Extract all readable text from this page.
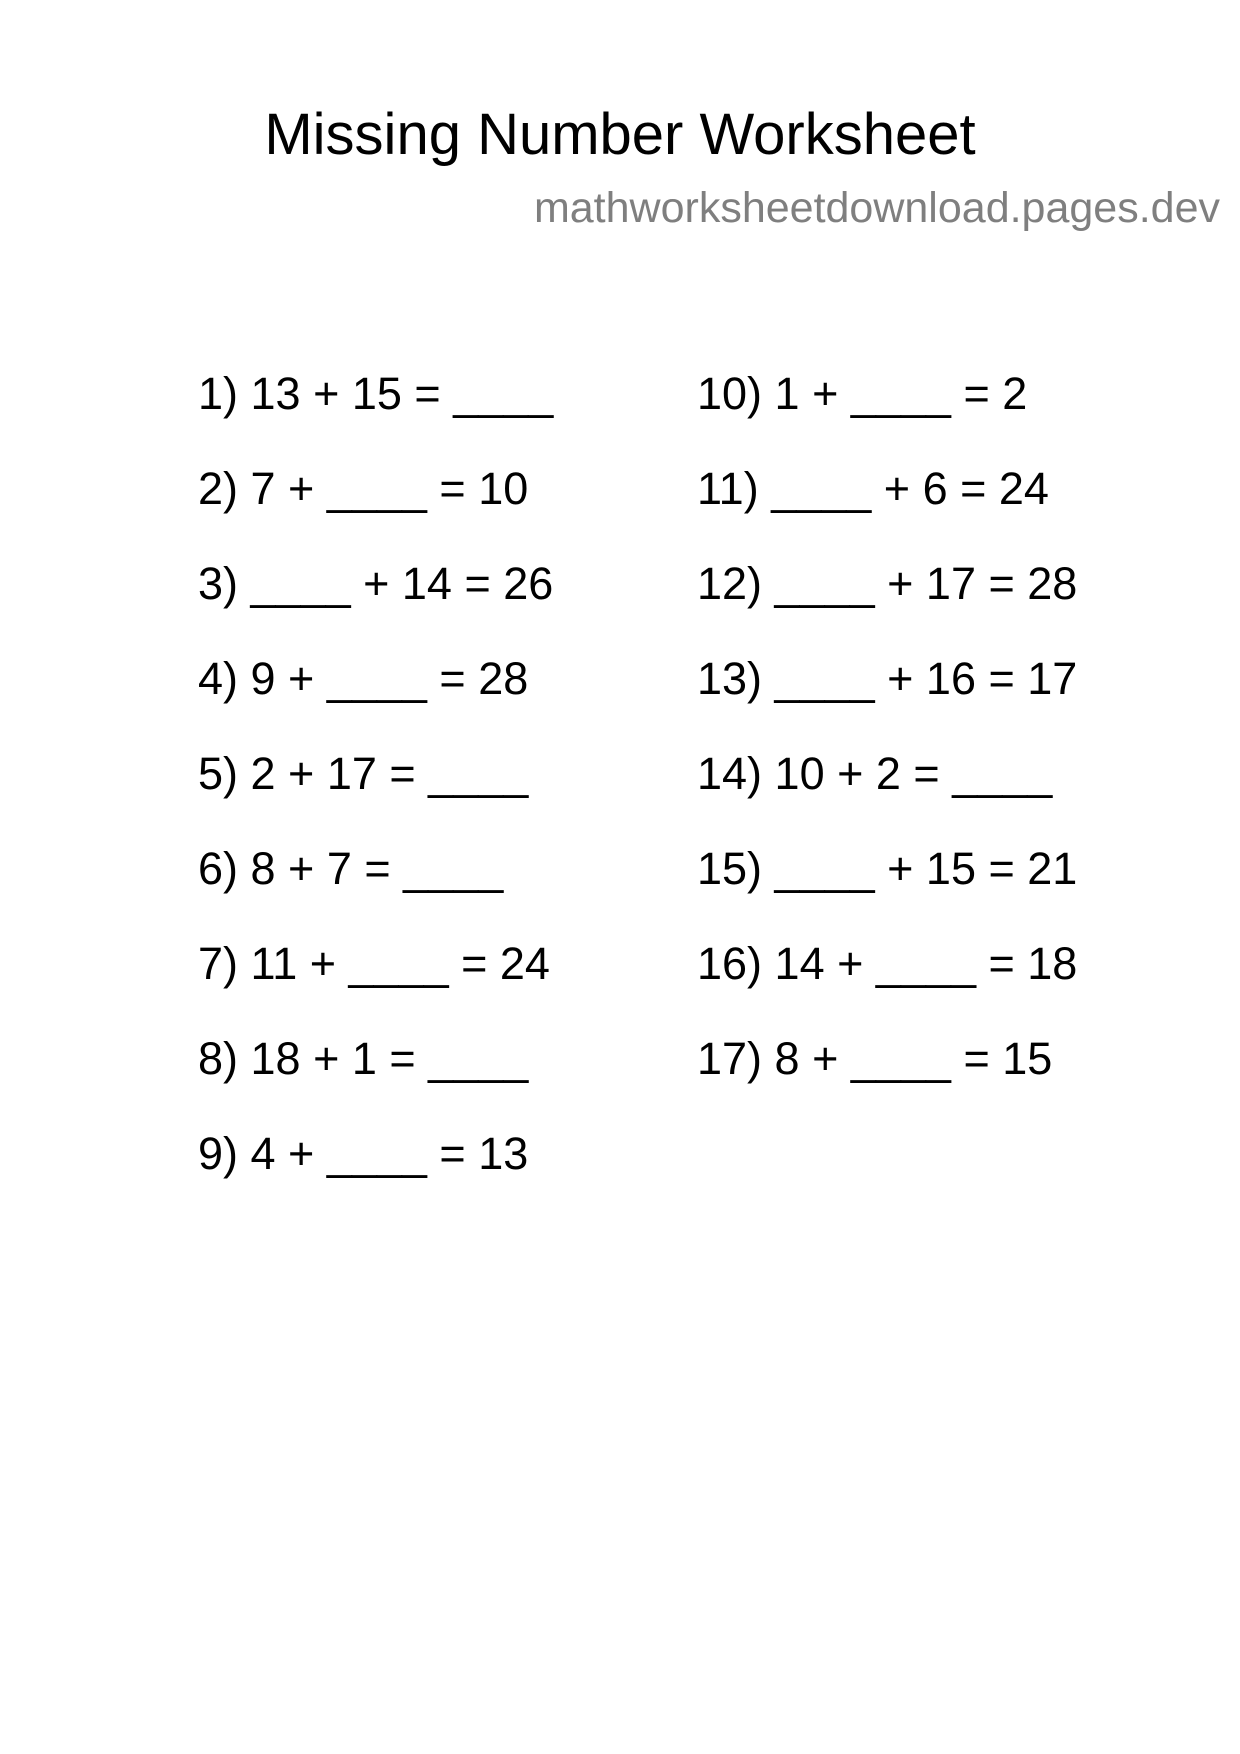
Missing Number Worksheet
mathworksheetdownload.pages.dev
1) 13 + 15 = ____
2) 7 + ____ = 10
3) ____ + 14 = 26
4) 9 + ____ = 28
5) 2 + 17 = ____
6) 8 + 7 = ____
7) 11 + ____ = 24
8) 18 + 1 = ____
9) 4 + ____ = 13
10) 1 + ____ = 2
11) ____ + 6 = 24
12) ____ + 17 = 28
13) ____ + 16 = 17
14) 10 + 2 = ____
15) ____ + 15 = 21
16) 14 + ____ = 18
17) 8 + ____ = 15
